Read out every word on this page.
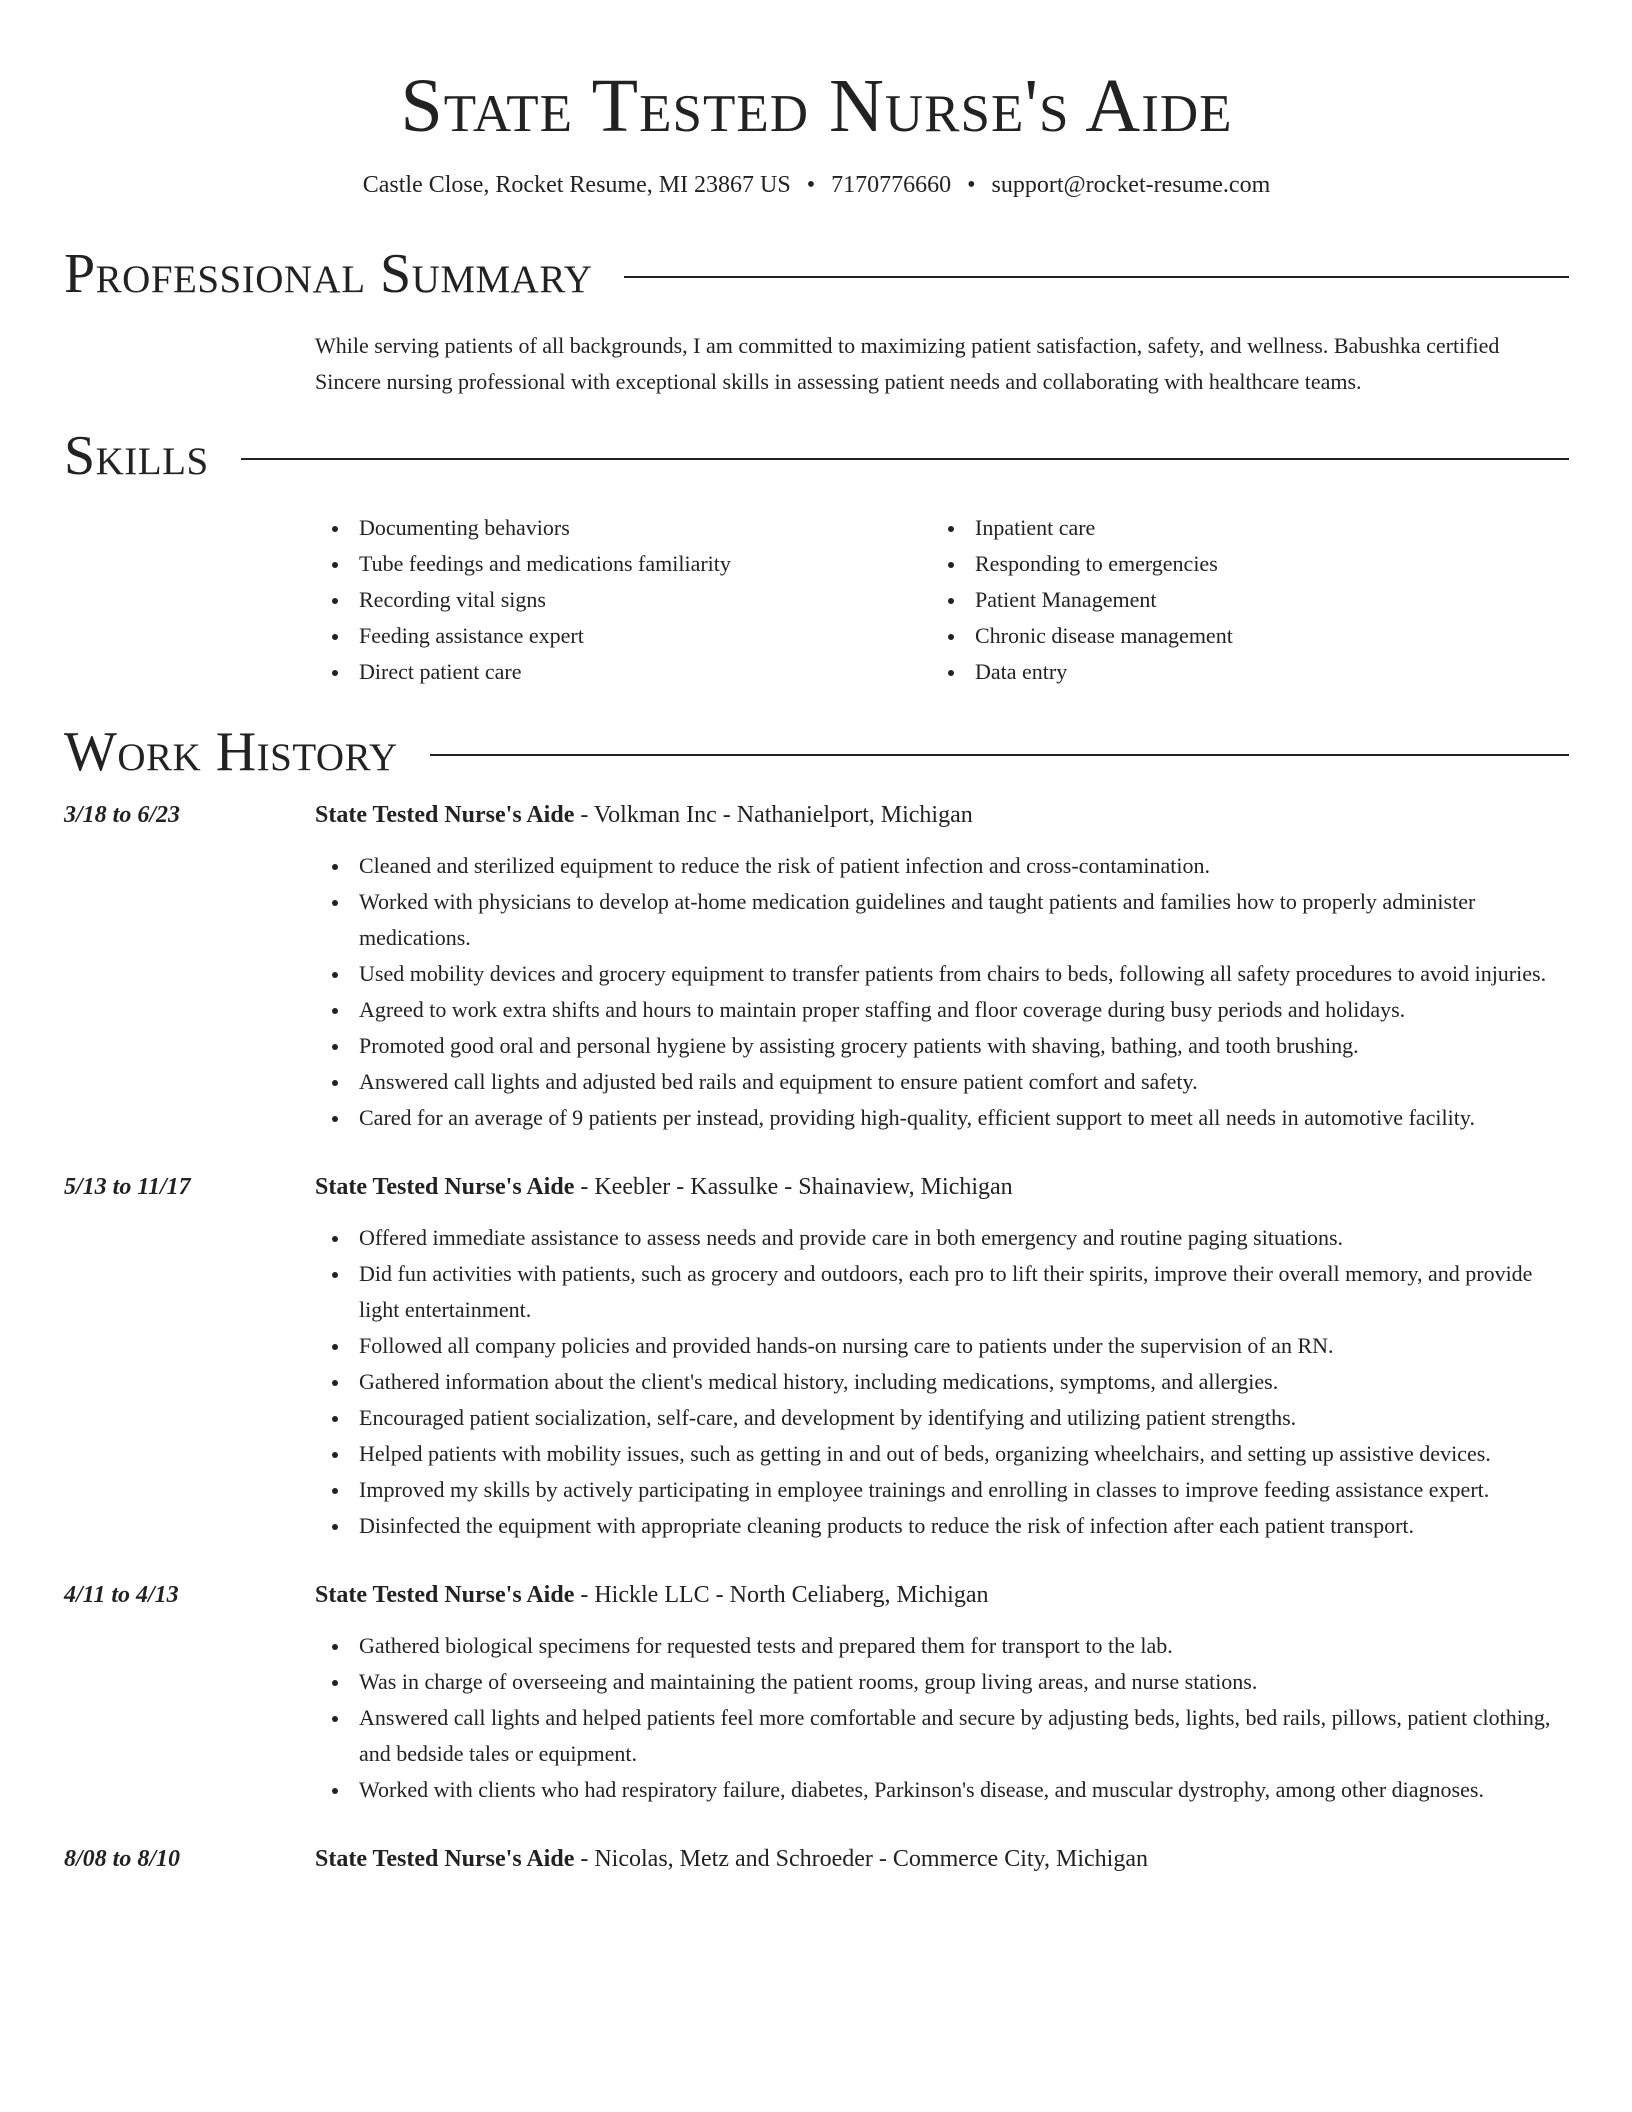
State Tested Nurse's Aide
Castle Close, Rocket Resume, MI 23867 US • 7170776660 • support@rocket-resume.com
Professional Summary

While serving patients of all backgrounds, I am committed to maximizing patient satisfaction, safety, and wellness. Babushka certified Sincere nursing professional with exceptional skills in assessing patient needs and collaborating with healthcare teams.

Skills
Documenting behaviors
Tube feedings and medications familiarity
Recording vital signs
Feeding assistance expert
Direct patient care
Inpatient care
Responding to emergencies
Patient Management
Chronic disease management
Data entry
Work History
3/18 to 6/23	State Tested Nurse's Aide - Volkman Inc - Nathanielport, Michigan
Cleaned and sterilized equipment to reduce the risk of patient infection and cross-contamination.
Worked with physicians to develop at-home medication guidelines and taught patients and families how to properly administer medications.
Used mobility devices and grocery equipment to transfer patients from chairs to beds, following all safety procedures to avoid injuries.
Agreed to work extra shifts and hours to maintain proper staffing and floor coverage during busy periods and holidays.
Promoted good oral and personal hygiene by assisting grocery patients with shaving, bathing, and tooth brushing.
Answered call lights and adjusted bed rails and equipment to ensure patient comfort and safety.
Cared for an average of 9 patients per instead, providing high-quality, efficient support to meet all needs in automotive facility.
5/13 to 11/17	State Tested Nurse's Aide - Keebler - Kassulke - Shainaview, Michigan
Offered immediate assistance to assess needs and provide care in both emergency and routine paging situations.
Did fun activities with patients, such as grocery and outdoors, each pro to lift their spirits, improve their overall memory, and provide light entertainment.
Followed all company policies and provided hands-on nursing care to patients under the supervision of an RN.
Gathered information about the client's medical history, including medications, symptoms, and allergies.
Encouraged patient socialization, self-care, and development by identifying and utilizing patient strengths.
Helped patients with mobility issues, such as getting in and out of beds, organizing wheelchairs, and setting up assistive devices.
Improved my skills by actively participating in employee trainings and enrolling in classes to improve feeding assistance expert.
Disinfected the equipment with appropriate cleaning products to reduce the risk of infection after each patient transport.
4/11 to 4/13	State Tested Nurse's Aide - Hickle LLC - North Celiaberg, Michigan
Gathered biological specimens for requested tests and prepared them for transport to the lab.
Was in charge of overseeing and maintaining the patient rooms, group living areas, and nurse stations.
Answered call lights and helped patients feel more comfortable and secure by adjusting beds, lights, bed rails, pillows, patient clothing, and bedside tales or equipment.
Worked with clients who had respiratory failure, diabetes, Parkinson's disease, and muscular dystrophy, among other diagnoses.
8/08 to 8/10	State Tested Nurse's Aide - Nicolas, Metz and Schroeder - Commerce City, Michigan
